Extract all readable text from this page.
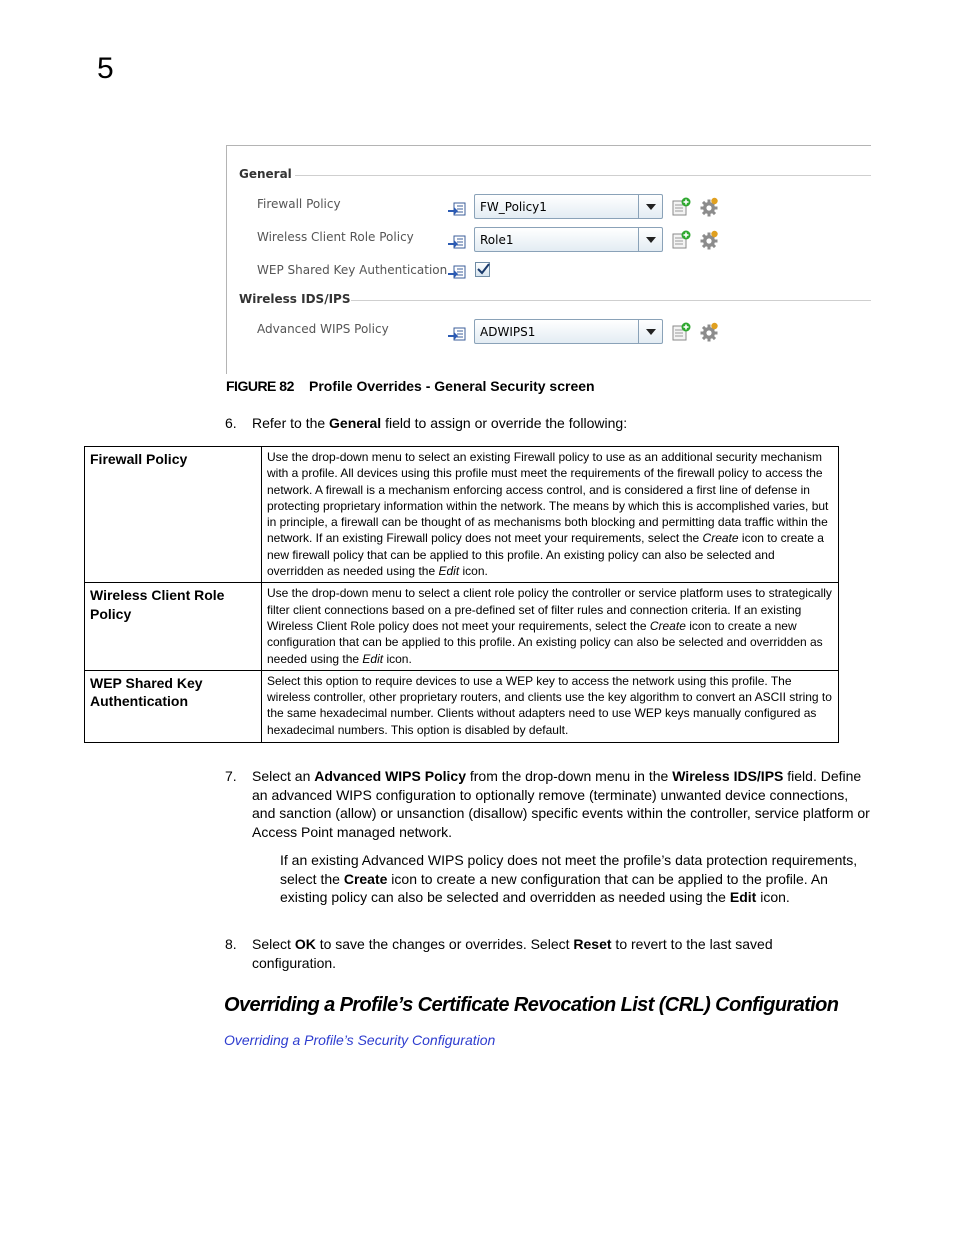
5
General
Firewall Policy	FW_Policy1
Wireless Client Role Policy	Role1
WEP Shared Key Authentication
Wireless IDS/IPS
Advanced WIPS Policy	ADWIPS1
FIGURE 82 Profile Overrides - General Security screen
6. Refer to the General field to assign or override the following:
Firewall Policy	Use the drop-down menu to select an existing Firewall policy to use as an additional security mechanism with a profile. All devices using this profile must meet the requirements of the firewall policy to access the network. A firewall is a mechanism enforcing access control, and is considered a first line of defense in protecting proprietary information within the network. The means by which this is accomplished varies, but in principle, a firewall can be thought of as mechanisms both blocking and permitting data traffic within the network. If an existing Firewall policy does not meet your requirements, select the Create icon to create a new firewall policy that can be applied to this profile. An existing policy can also be selected and overridden as needed using the Edit icon.
Wireless Client Role Policy	Use the drop-down menu to select a client role policy the controller or service platform uses to strategically filter client connections based on a pre-defined set of filter rules and connection criteria. If an existing Wireless Client Role policy does not meet your requirements, select the Create icon to create a new configuration that can be applied to this profile. An existing policy can also be selected and overridden as needed using the Edit icon.
WEP Shared Key Authentication	Select this option to require devices to use a WEP key to access the network using this profile. The wireless controller, other proprietary routers, and clients use the key algorithm to convert an ASCII string to the same hexadecimal number. Clients without adapters need to use WEP keys manually configured as hexadecimal numbers. This option is disabled by default.
7. Select an Advanced WIPS Policy from the drop-down menu in the Wireless IDS/IPS field. Define an advanced WIPS configuration to optionally remove (terminate) unwanted device connections, and sanction (allow) or unsanction (disallow) specific events within the controller, service platform or Access Point managed network.
If an existing Advanced WIPS policy does not meet the profile’s data protection requirements, select the Create icon to create a new configuration that can be applied to the profile. An existing policy can also be selected and overridden as needed using the Edit icon.
8. Select OK to save the changes or overrides. Select Reset to revert to the last saved configuration.
Overriding a Profile’s Certificate Revocation List (CRL) Configuration
Overriding a Profile’s Security Configuration
